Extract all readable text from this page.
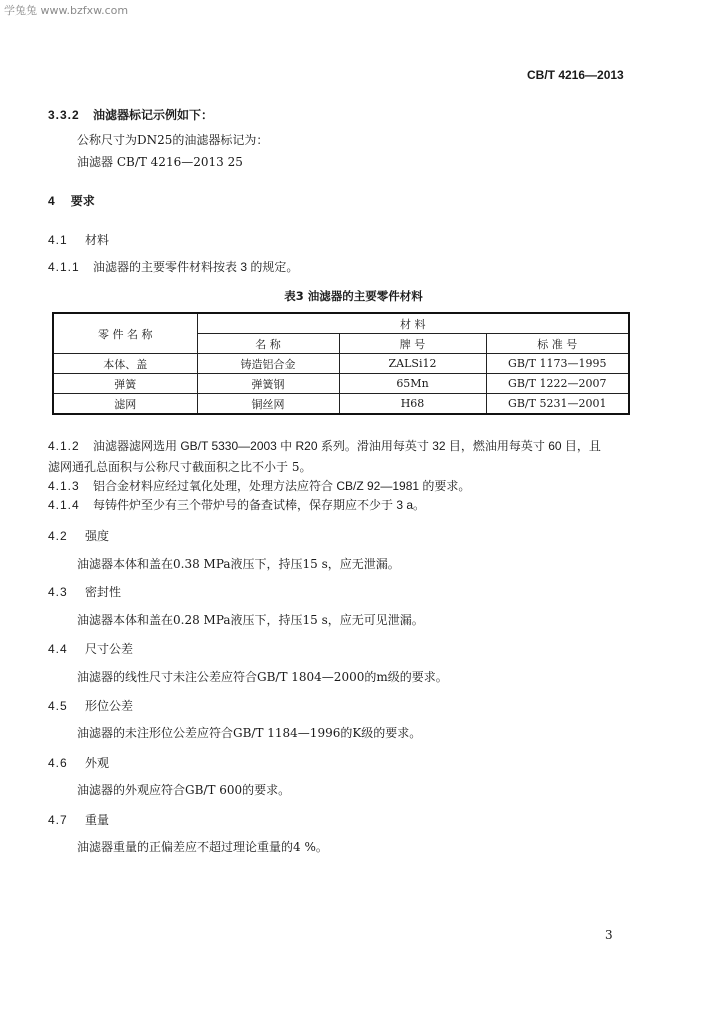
学兔兔 www.bzfxw.com
CB/T 4216—2013
3.3.2 油滤器标记示例如下：
公称尺寸为DN25的油滤器标记为：
油滤器 CB/T 4216—2013 25
4 要求
4.1 材料
4.1.1 油滤器的主要零件材料按表 3 的规定。
表3 油滤器的主要零件材料
零 件 名 称	材 料		
	名 称	牌 号	标 准 号
本体、盖	铸造铝合金	ZALSi12	GB/T 1173—1995
弹簧	弹簧钢	65Mn	GB/T 1222—2007
滤网	铜丝网	H68	GB/T 5231—2001
4.1.2 油滤器滤网选用 GB/T 5330—2003 中 R20 系列。滑油用每英寸 32 目，燃油用每英寸 60 目，且
滤网通孔总面积与公称尺寸截面积之比不小于 5。
4.1.3 铝合金材料应经过氧化处理，处理方法应符合 CB/Z 92—1981 的要求。
4.1.4 每铸件炉至少有三个带炉号的备查试棒，保存期应不少于 3 a。
4.2 强度
油滤器本体和盖在0.38 MPa液压下，持压15 s，应无泄漏。
4.3 密封性
油滤器本体和盖在0.28 MPa液压下，持压15 s，应无可见泄漏。
4.4 尺寸公差
油滤器的线性尺寸未注公差应符合GB/T 1804—2000的m级的要求。
4.5 形位公差
油滤器的未注形位公差应符合GB/T 1184—1996的K级的要求。
4.6 外观
油滤器的外观应符合GB/T 600的要求。
4.7 重量
油滤器重量的正偏差应不超过理论重量的4 %。
3
